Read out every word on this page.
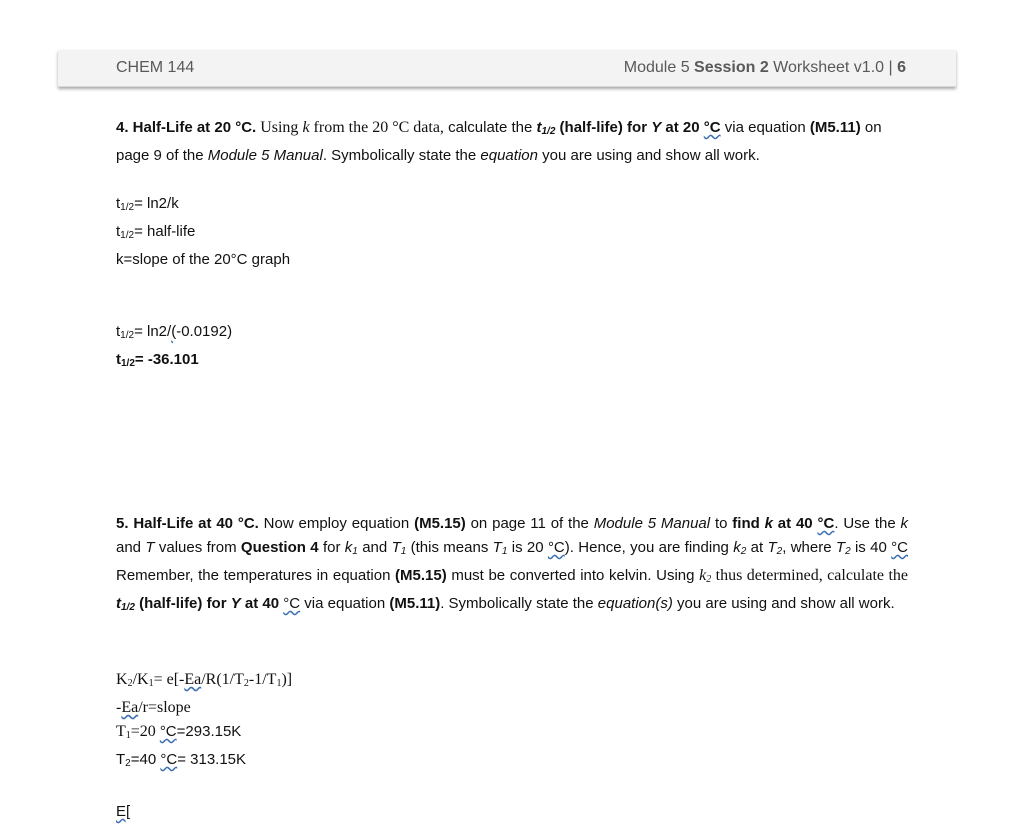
CHEM 144	Module 5 Session 2 Worksheet v1.0 | 6

4. Half-Life at 20 °C. Using k from the 20 °C data, calculate the $t_{1/2}$ (half-life) for Y at 20 °C via equation (M5.11) on page 9 of the Module 5 Manual. Symbolically state the equation you are using and show all work.

$t_{1/2}= \ln 2/k$

$t_{1/2}=$ half-life

k=slope of the 20°C graph

$t_{1/2}= \ln 2/(-0.0192)$

$t_{1/2}= -36.101$

5. Half-Life at 40 °C. Now employ equation (M5.15) on page 11 of the Module 5 Manual to find k at 40 °C. Use the k and T values from Question 4 for $k_1$ and $T_1$ (this means $T_1$ is 20 °C). Hence, you are finding $k_2$ at $T_2$, where $T_2$ is 40 °C Remember, the temperatures in equation (M5.15) must be converted into kelvin. Using $k_2$ thus determined, calculate the $t_{1/2}$ (half-life) for Y at 40 °C via equation (M5.11). Symbolically state the equation(s) you are using and show all work.

$K_2/K_1= e[-Ea/R(1/T_2-1/T_1)]$

-Ea/r=slope

$T_1=20$ °C=293.15K

$T_2=40$ °C= 313.15K

E[
